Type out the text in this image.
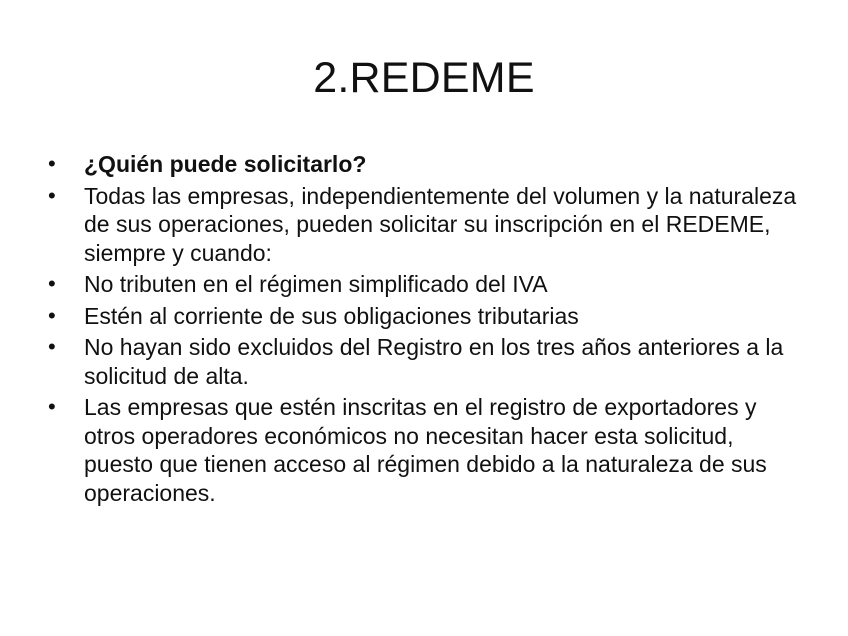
2.REDEME
•	¿Quién puede solicitarlo?
•	Todas las empresas, independientemente del volumen y la naturaleza de sus operaciones, pueden solicitar su inscripción en el REDEME, siempre y cuando:
•	No tributen en el régimen simplificado del IVA
•	Estén al corriente de sus obligaciones tributarias
•	No hayan sido excluidos del Registro en los tres años anteriores a la solicitud de alta.
•	Las empresas que estén inscritas en el registro de exportadores y otros operadores económicos no necesitan hacer esta solicitud, puesto que tienen acceso al régimen debido a la naturaleza de sus operaciones.
